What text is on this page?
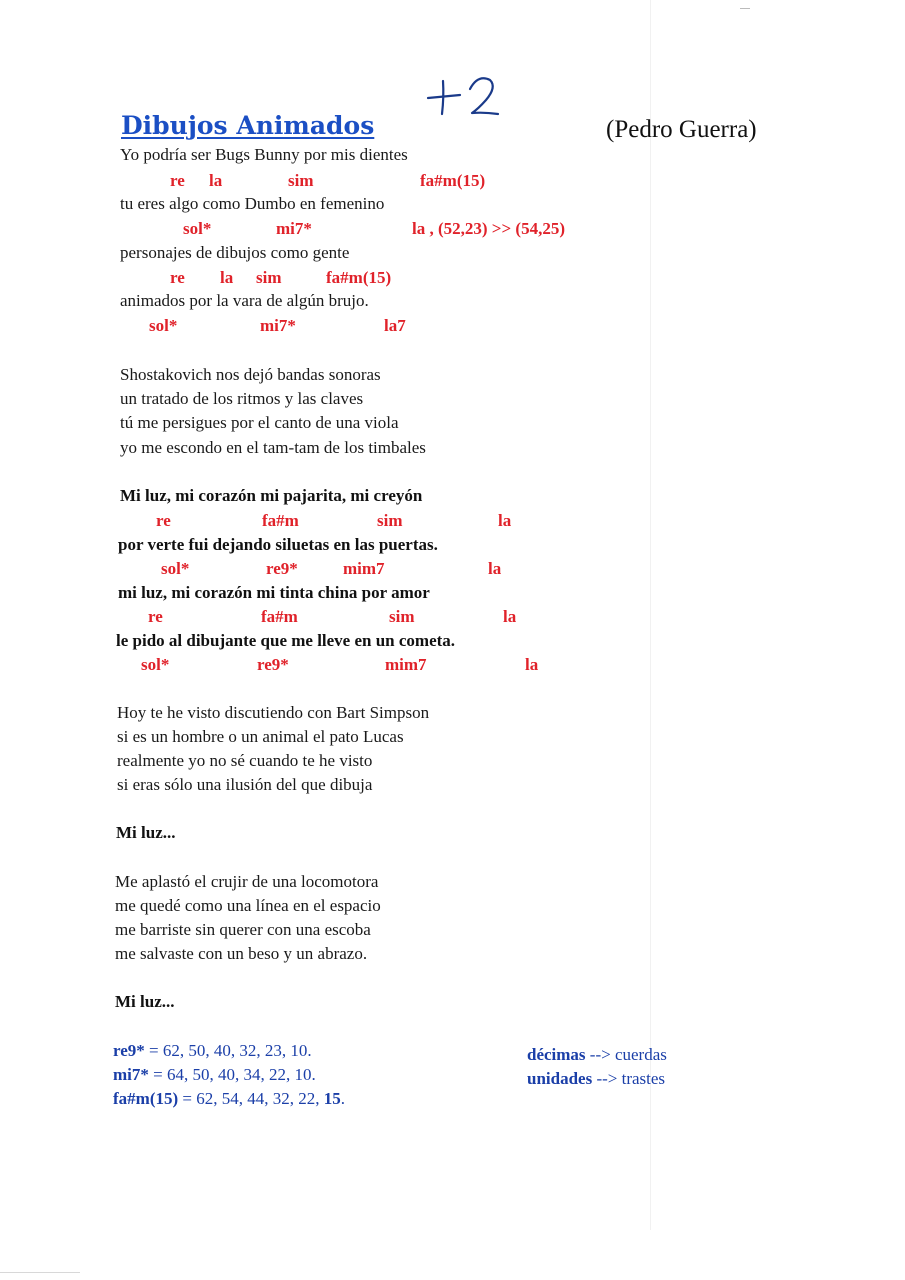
Dibujos Animados	(Pedro Guerra)
Yo podría ser Bugs Bunny por mis dientes
re la	sim	fa#m(15)
tu eres algo como Dumbo en femenino
sol*	mi7*	la , (52,23) >> (54,25)
personajes de dibujos como gente
re la sim	fa#m(15)
animados por la vara de algún brujo.
sol*	mi7*	la7
Shostakovich nos dejó bandas sonoras
un tratado de los ritmos y las claves
tú me persigues por el canto de una viola
yo me escondo en el tam-tam de los timbales
Mi luz, mi corazón mi pajarita, mi creyón
re	fa#m	sim	la
por verte fui dejando siluetas en las puertas.
sol*	re9*	mim7	la
mi luz, mi corazón mi tinta china por amor
re	fa#m	sim	la
le pido al dibujante que me lleve en un cometa.
sol*	re9*	mim7	la
Hoy te he visto discutiendo con Bart Simpson
si es un hombre o un animal el pato Lucas
realmente yo no sé cuando te he visto
si eras sólo una ilusión del que dibuja
Mi luz...
Me aplastó el crujir de una locomotora
me quedé como una línea en el espacio
me barriste sin querer con una escoba
me salvaste con un beso y un abrazo.
Mi luz...
re9* = 62, 50, 40, 32, 23, 10.
mi7* = 64, 50, 40, 34, 22, 10.
fa#m(15) = 62, 54, 44, 32, 22, 15.
décimas --> cuerdas
unidades --> trastes
